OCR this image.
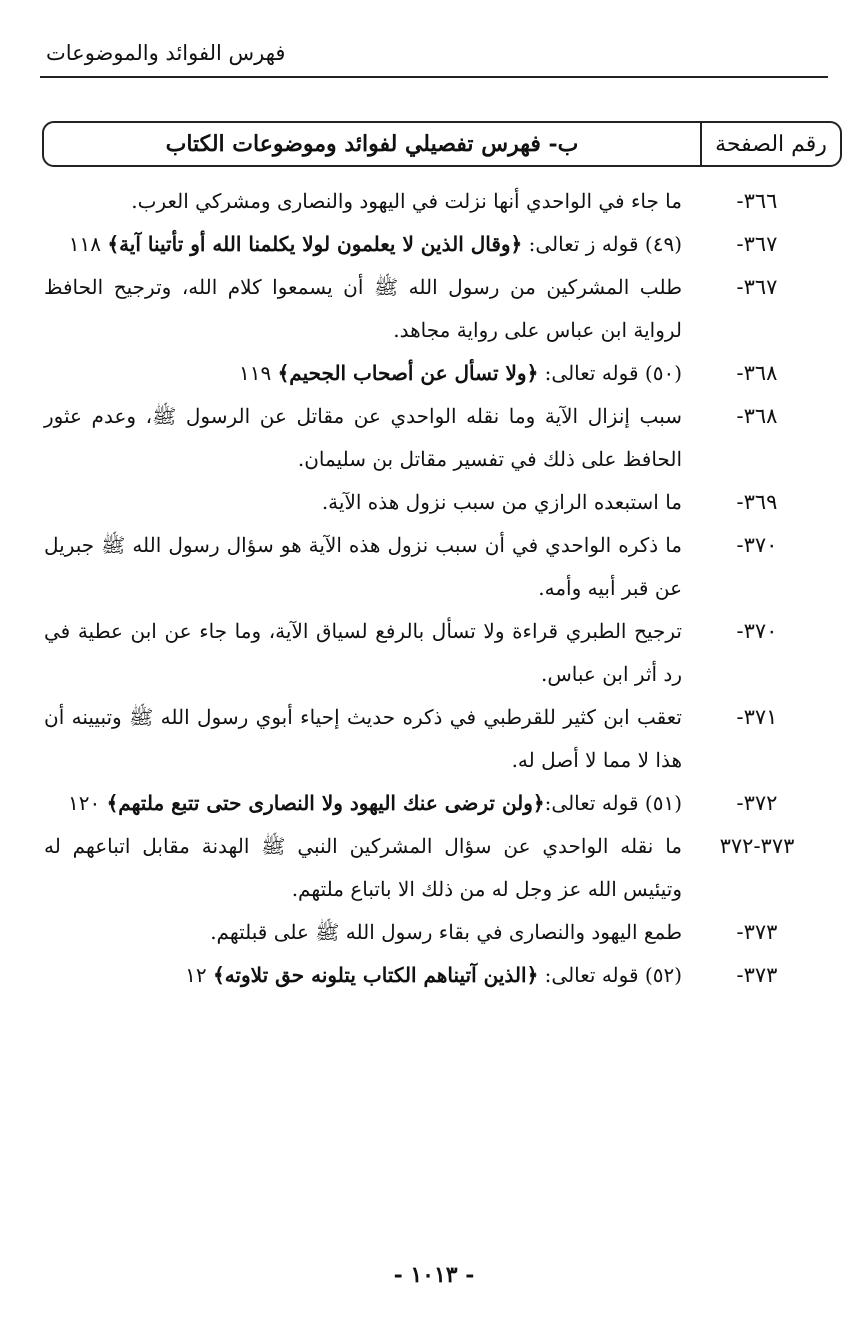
فهرس الفوائد والموضوعات
رقم الصفحة
ب- فهرس تفصيلي لفوائد وموضوعات الكتاب
٣٦٦-
ما جاء في الواحدي أنها نزلت في اليهود والنصارى ومشركي العرب.
٣٦٧-
(٤٩) قوله ز تعالى: ﴿وقال الذين لا يعلمون لولا يكلمنا الله أو تأتينا آية﴾ ١١٨
٣٦٧-
طلب المشركين من رسول الله ﷺ أن يسمعوا كلام الله، وترجيح الحافظ لرواية ابن عباس على رواية مجاهد.
٣٦٨-
(٥٠) قوله تعالى: ﴿ولا تسأل عن أصحاب الجحيم﴾ ١١٩
٣٦٨-
سبب إنزال الآية وما نقله الواحدي عن مقاتل عن الرسول ﷺ، وعدم عثور الحافظ على ذلك في تفسير مقاتل بن سليمان.
٣٦٩-
ما استبعده الرازي من سبب نزول هذه الآية.
٣٧٠-
ما ذكره الواحدي في أن سبب نزول هذه الآية هو سؤال رسول الله ﷺ جبريل عن قبر أبيه وأمه.
٣٧٠-
ترجيح الطبري قراءة ولا تسأل بالرفع لسياق الآية، وما جاء عن ابن عطية في رد أثر ابن عباس.
٣٧١-
تعقب ابن كثير للقرطبي في ذكره حديث إحياء أبوي رسول الله ﷺ وتبيينه أن هذا لا مما لا أصل له.
٣٧٢-
(٥١) قوله تعالى:﴿ولن ترضى عنك اليهود ولا النصارى حتى تتبع ملتهم﴾ ١٢٠
٣٧٣-٣٧٢
ما نقله الواحدي عن سؤال المشركين النبي ﷺ الهدنة مقابل اتباعهم له وتيئيس الله عز وجل له من ذلك الا باتباع ملتهم.
٣٧٣-
طمع اليهود والنصارى في بقاء رسول الله ﷺ على قبلتهم.
٣٧٣-
(٥٢) قوله تعالى: ﴿الذين آتيناهم الكتاب يتلونه حق تلاوته﴾ ١٢
- ١٠١٣ -
